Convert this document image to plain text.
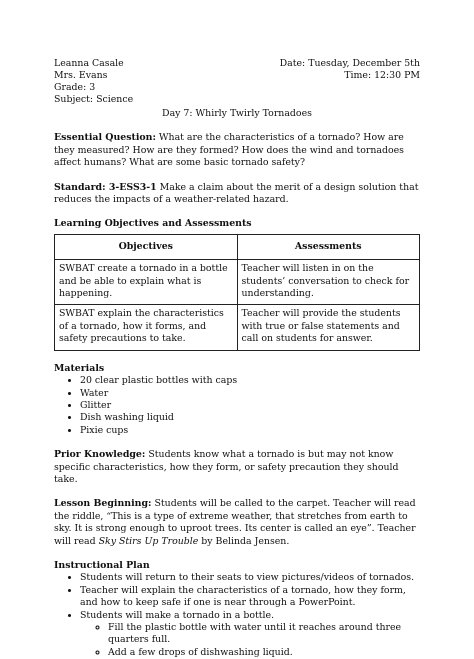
Leanna Casale
Mrs. Evans
Grade: 3
Subject: Science
Date: Tuesday, December 5th
Time: 12:30 PM
Day 7: Whirly Twirly Tornadoes
Essential Question: What are the characteristics of a tornado? How are they measured? How are they formed? How does the wind and tornadoes affect humans? What are some basic tornado safety?
Standard: 3-ESS3-1 Make a claim about the merit of a design solution that reduces the impacts of a weather-related hazard.
Learning Objectives and Assessments
Objectives	Assessments
SWBAT create a tornado in a bottle and be able to explain what is happening.	Teacher will listen in on the students’ conversation to check for understanding.
SWBAT explain the characteristics of a tornado, how it forms, and safety precautions to take.	Teacher will provide the students with true or false statements and call on students for answer.
Materials
• 20 clear plastic bottles with caps
• Water
• Glitter
• Dish washing liquid
• Pixie cups
Prior Knowledge: Students know what a tornado is but may not know specific characteristics, how they form, or safety precaution they should take.
Lesson Beginning: Students will be called to the carpet. Teacher will read the riddle, “This is a type of extreme weather, that stretches from earth to sky. It is strong enough to uproot trees. Its center is called an eye”. Teacher will read Sky Stirs Up Trouble by Belinda Jensen.
Instructional Plan
• Students will return to their seats to view pictures/videos of tornados.
• Teacher will explain the characteristics of a tornado, how they form, and how to keep safe if one is near through a PowerPoint.
• Students will make a tornado in a bottle.
◦ Fill the plastic bottle with water until it reaches around three quarters full.
◦ Add a few drops of dishwashing liquid.
